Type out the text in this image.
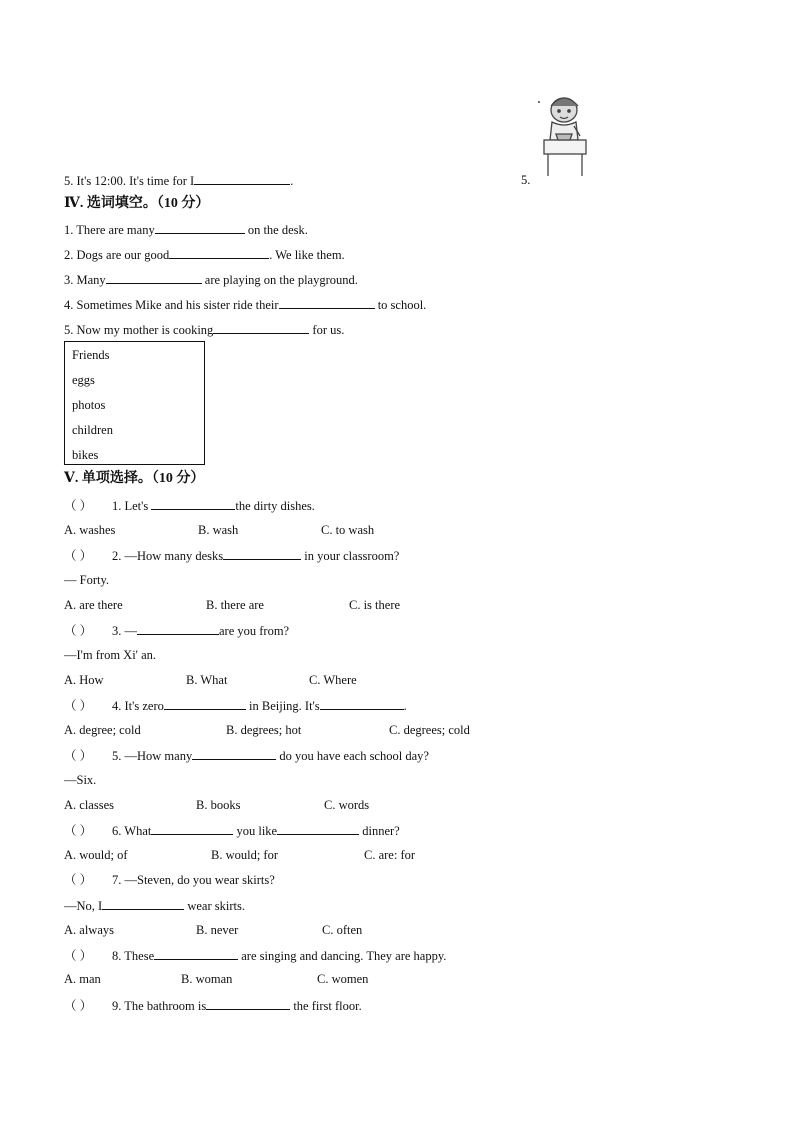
5. It's 12:00. It's time for I	.	5.
Ⅳ. 选词填空。（10 分）
1. There are many	on the desk.
2. Dogs are our good	. We like them.
3. Many	are playing on the playground.
4. Sometimes Mike and his sister ride their	to school.
5. Now my mother is cooking	for us.
Friends
eggs
photos
children
bikes
Ⅴ. 单项选择。（10 分）
（ ） 1. Let's	the dirty dishes.
A. washes	B. wash	C. to wash
（ ） 2. —How many desks	in your classroom?
— Forty.
A. are there	B. there are	C. is there
（ ） 3. —	are you from?
—I'm from Xi' an.
A. How	B. What	C. Where
（ ） 4. It's zero	in Beijing. It's	.
A. degree; cold	B. degrees; hot	C. degrees; cold
（ ） 5. —How many	do you have each school day?
—Six.
A. classes	B. books	C. words
（ ） 6. What	you like	dinner?
A. would; of	B. would; for	C. are: for
（ ） 7. —Steven, do you wear skirts?
—No, I	wear skirts.
A. always	B. never	C. often
（ ） 8. These	are singing and dancing. They are happy.
A. man	B. woman	C. women
（ ） 9. The bathroom is	the first floor.
